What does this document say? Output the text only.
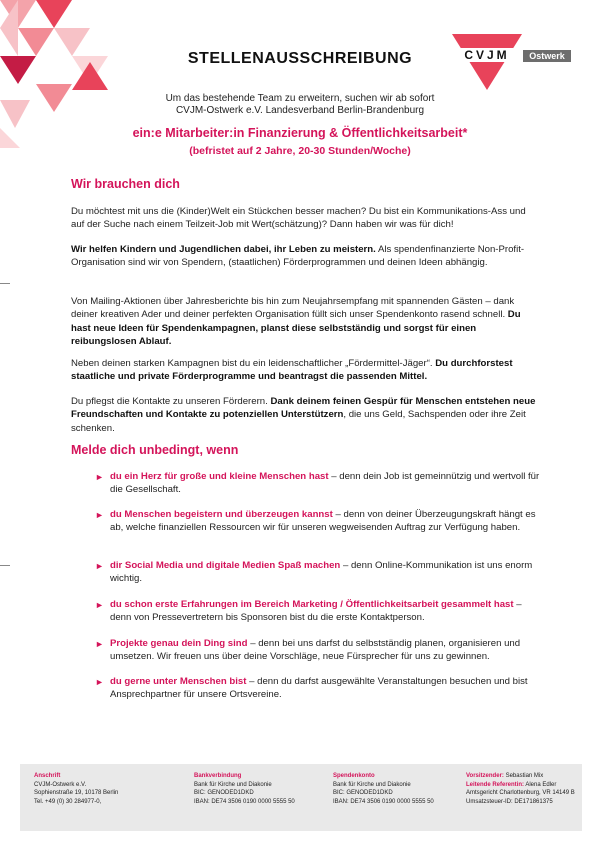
CVJM	Ostwerk
STELLENAUSSCHREIBUNG
Um das bestehende Team zu erweitern, suchen wir ab sofort
CVJM-Ostwerk e.V. Landesverband Berlin-Brandenburg
ein:e Mitarbeiter:in Finanzierung & Öffentlichkeitsarbeit*
(befristet auf 2 Jahre, 20-30 Stunden/Woche)
Wir brauchen dich
Du möchtest mit uns die (Kinder)Welt ein Stückchen besser machen? Du bist ein Kommunikations-Ass und auf der Suche nach einem Teilzeit-Job mit Wert(schätzung)? Dann haben wir was für dich!
Wir helfen Kindern und Jugendlichen dabei, ihr Leben zu meistern. Als spendenfinanzierte Non-Profit-Organisation sind wir von Spendern, (staatlichen) Förderprogrammen und deinen Ideen abhängig.
Von Mailing-Aktionen über Jahresberichte bis hin zum Neujahrsempfang mit spannenden Gästen – dank deiner kreativen Ader und deiner perfekten Organisation füllt sich unser Spendenkonto rasend schnell. Du hast neue Ideen für Spendenkampagnen, planst diese selbstständig und sorgst für einen reibungslosen Ablauf.
Neben deinen starken Kampagnen bist du ein leidenschaftlicher „Fördermittel-Jäger“. Du durchforstest staatliche und private Förderprogramme und beantragst die passenden Mittel.
Du pflegst die Kontakte zu unseren Förderern. Dank deinem feinen Gespür für Menschen entstehen neue Freundschaften und Kontakte zu potenziellen Unterstützern, die uns Geld, Sachspenden oder ihre Zeit schenken.
Melde dich unbedingt, wenn
► du ein Herz für große und kleine Menschen hast – denn dein Job ist gemeinnützig und wertvoll für die Gesellschaft.
► du Menschen begeistern und überzeugen kannst – denn von deiner Überzeugungskraft hängt es ab, welche finanziellen Ressourcen wir für unseren wegweisenden Auftrag zur Verfügung haben.
► dir Social Media und digitale Medien Spaß machen – denn Online-Kommunikation ist uns enorm wichtig.
► du schon erste Erfahrungen im Bereich Marketing / Öffentlichkeitsarbeit gesammelt hast – denn von Pressevertretern bis Sponsoren bist du die erste Kontaktperson.
► Projekte genau dein Ding sind – denn bei uns darfst du selbstständig planen, organisieren und umsetzen. Wir freuen uns über deine Vorschläge, neue Fürsprecher für uns zu gewinnen.
► du gerne unter Menschen bist – denn du darfst ausgewählte Veranstaltungen besuchen und bist Ansprechpartner für unsere Ortsvereine.
Anschrift
CVJM-Ostwerk e.V.
Sophienstraße 19, 10178 Berlin
Tel. +49 (0) 30 284977-0,
Bankverbindung
Bank für Kirche und Diakonie
BIC: GENODED1DKD
IBAN: DE74 3506 0190 0000 5555 50
Spendenkonto
Bank für Kirche und Diakonie
BIC: GENODED1DKD
IBAN: DE74 3506 0190 0000 5555 50
Vorsitzender: Sebastian Mix
Leitende Referentin: Alena Edler
Amtsgericht Charlottenburg, VR 14149 B
Umsatzsteuer-ID: DE171861375
